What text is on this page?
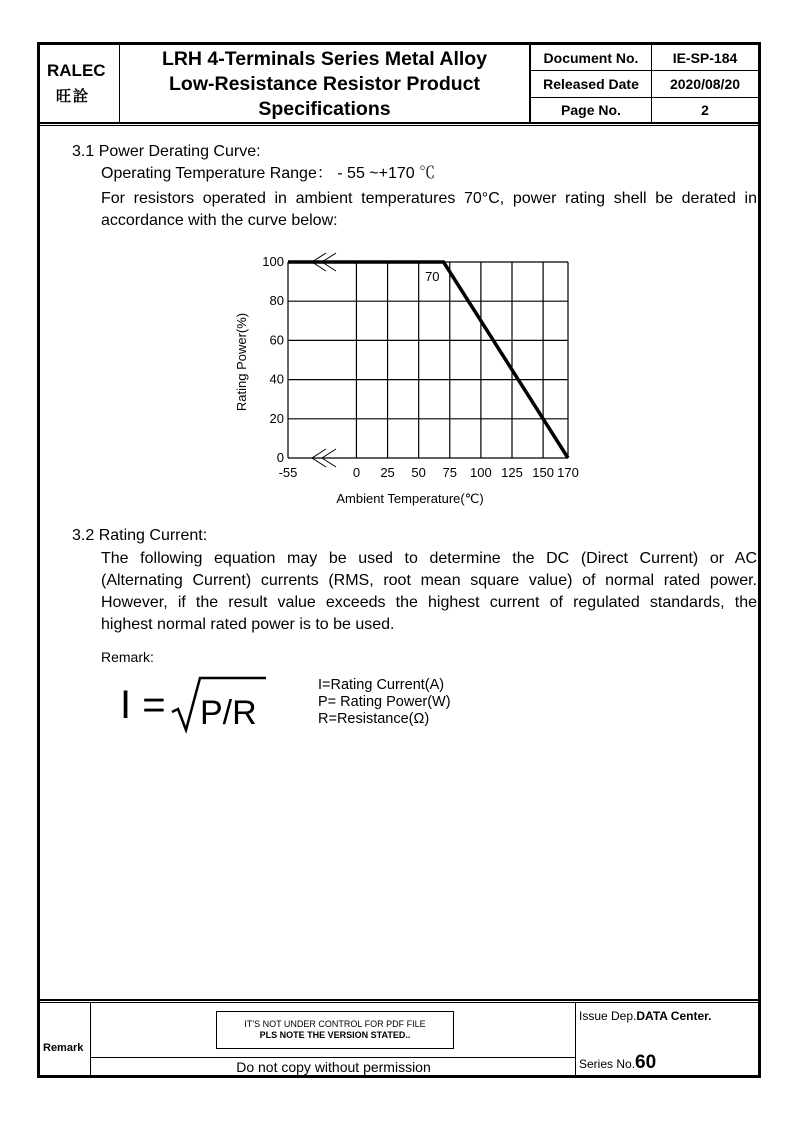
RALEC
旺詮
LRH 4-Terminals Series Metal Alloy
Low-Resistance Resistor Product
Specifications
Document No.	IE-SP-184
Released Date	2020/08/20
Page No.	2
3.1 Power Derating Curve:
Operating Temperature Range： - 55 ~+170 ℃
For resistors operated in ambient temperatures 70°C, power rating shell be derated in
accordance with the curve below:
-55	0 25 50 75 100 125 150 170
0
20
40
60
80
100
70
Ambient Temperature(℃)
Rating Power(%)
3.2 Rating Current:
The following equation may be used to determine the DC (Direct Current) or AC
(Alternating Current) currents (RMS, root mean square value) of normal rated power.
However, if the result value exceeds the highest current of regulated standards, the
highest normal rated power is to be used.
Remark:
I = P/R
I=Rating Current(A)
P= Rating Power(W)
R=Resistance(Ω)
Remark
IT'S NOT UNDER CONTROL FOR PDF FILE
PLS NOTE THE VERSION STATED..
Do not copy without permission
Issue Dep.DATA Center.
Series No.60
